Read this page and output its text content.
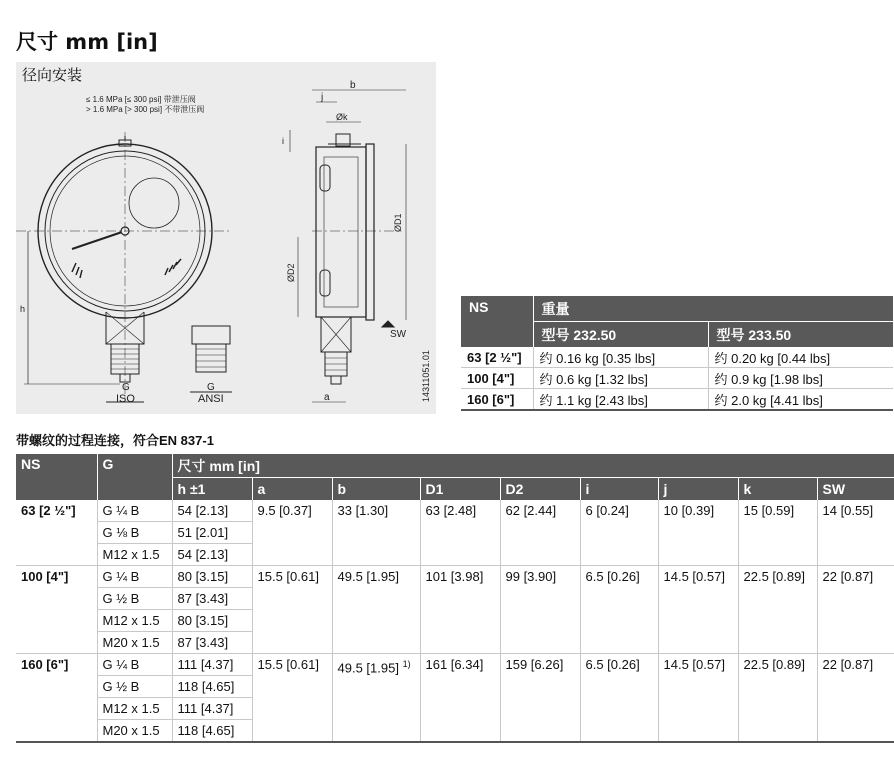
尺寸 mm [in]
径向安装
≤ 1.6 MPa [≤ 300 psi] 带泄压阀
> 1.6 MPa [> 300 psi] 不带泄压阀
b
j
Øk
i
ØD1
ØD2
h
a
SW
G
ISO
G
ANSI	14311051.01
NS	重量	
	型号 232.50	型号 233.50
63 [2 ½"]	约 0.16 kg [0.35 lbs]	约 0.20 kg [0.44 lbs]
100 [4"]	约 0.6 kg [1.32 lbs]	约 0.9 kg [1.98 lbs]
160 [6"]	约 1.1 kg [2.43 lbs]	约 2.0 kg [4.41 lbs]
带螺纹的过程连接，符合EN 837-1
NS	G	尺寸 mm [in]								
		h ±1	a	b	D1	D2	i	j	k	SW
63 [2 ½"]	G ¼ B	54 [2.13]	9.5 [0.37]	33 [1.30]	63 [2.48]	62 [2.44]	6 [0.24]	10 [0.39]	15 [0.59]	14 [0.55]
	G ⅛ B	51 [2.01]								
	M12 x 1.5	54 [2.13]								
100 [4"]	G ¼ B	80 [3.15]	15.5 [0.61]	49.5 [1.95]	101 [3.98]	99 [3.90]	6.5 [0.26]	14.5 [0.57]	22.5 [0.89]	22 [0.87]
	G ½ B	87 [3.43]								
	M12 x 1.5	80 [3.15]								
	M20 x 1.5	87 [3.43]								
160 [6"]	G ¼ B	111 [4.37]	15.5 [0.61]	49.5 [1.95] $^{1)}$	161 [6.34]	159 [6.26]	6.5 [0.26]	14.5 [0.57]	22.5 [0.89]	22 [0.87]
	G ½ B	118 [4.65]								
	M12 x 1.5	111 [4.37]								
	M20 x 1.5	118 [4.65]								
